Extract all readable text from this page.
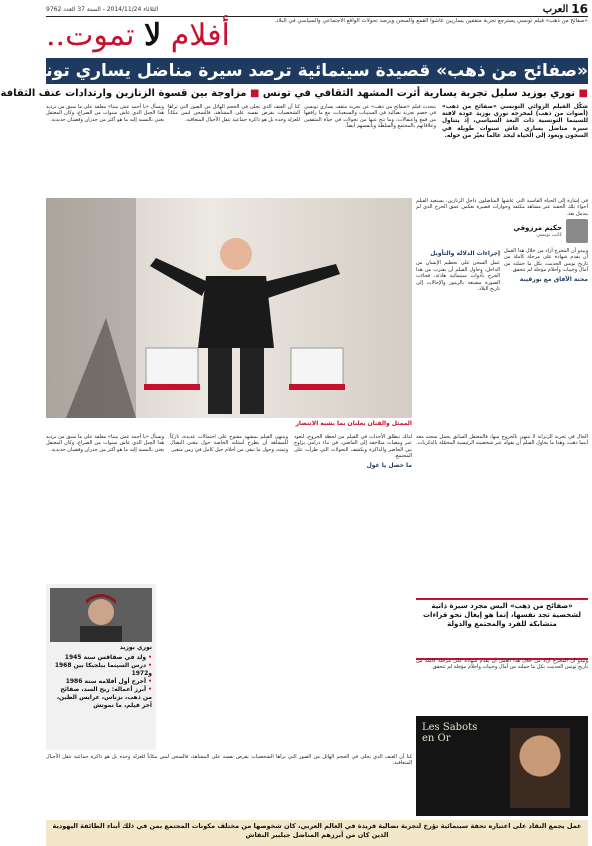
16
العرب
الثلاثاء 2014/11/24 - السنة 37 العدد 9762
«صفائح من ذهب» فيلم تونسي يسترجع تجربة مثقفين يساريين عاشوا القمع والسجن ويرصد تحولات الواقع الاجتماعي والسياسي في البلاد.
أفلام لا تموت..
«صفائح من ذهب» قصيدة سينمائية ترصد سيرة مناضل يساري تونسي
■ نوري بوزيد سليل تجربة يسارية أثرت المشهد الثقافي في تونس ■ مزاوجة بين قسوة الزنازين وارتدادات عنف الثقافة
شكّل الفيلم الروائي التونسي «صفائح من ذهب» (أصوات من ذهب) لمخرجه نوري بوزيد عودة لافتة للسينما التونسية ذات البعد السياسي، إذ يتناول سيرة مناضل يساري عاش سنوات طويلة في السجون ويعود إلى الحياة ليجد عالماً تغيّر من حوله.
يتحدث فيلم «صفائح من ذهب» عن تجربة مثقف يساري تونسي في خضم تجربة نضالية في الستينات والسبعينات، مع ما رافقها من قمع واعتقالات، وما نتج عنها من تحولات في حياة المثقفين وعلاقاتهم بالمجتمع والسلطة وبأنفسهم أيضاً.
كنا أن العنف الذي تجلى في الحجم الهائل من الصور التي تراها الشخصيات يفرض نفسه على المشاهد، فالسجن ليس مكاناً للعزلة وحده بل هو ذاكرة جماعية تثقل الأجيال المتعاقبة.
ويسأل «يا أحمد عش بيننا» معلقة على ما سبق من ترديد هذا الجيل الذي عاش سنوات من الصراع، وكان المعتقل يعني بالنسبة إليه ما هو أكثر من جدران وقضبان حديدية.
الممثل والفنان يعلنان بما يشبه الانتصار
في إشارة إلى الحياة القاسية التي عاشها المناضلون داخل الزنازين، يستعيد الفيلم أجواء تلك الحقبة عبر مشاهد مكثفة وحوارات قصيرة تعكس عمق الجرح الذي لم يندمل بعد.
حكيم مرزوقي
كاتب تونسي
إجراءات الدلالة والتأويل
عمل السجن على تحطيم الإنسان من الداخل، وحاول الفيلم أن يقترب من هذا الجرح بأدوات سينمائية هادئة، فجاءت الصورة مشبعة بالرموز والإحالات إلى تاريخ البلاد.
ويبدو أن المخرج أراد من خلال هذا العمل أن يقدم شهادة على مرحلة كاملة من تاريخ تونس الحديث، بكل ما حملته من آمال وخيبات وأحلام مؤجلة لم تتحقق.
محنة الآفاق مع بورقيبة
الحال في تجربة الزنزانة لا تنتهي بالخروج منها، فالمعتقل السابق يحمل سجنه معه أينما ذهب، وهذا ما يحاول الفيلم أن يقوله عبر شخصيته الرئيسية المحمّلة بالذكريات.
لذلك تنطلق الأحداث في الفيلم من لحظة الخروج، لتعود عبر ومضات متلاحقة إلى الماضي، في بناء درامي يزاوج بين الحاضر والذاكرة ويكشف التحولات التي طرأت على المجتمع.
ما حصل يا غول
وينتهي الفيلم بمشهد مفتوح على احتمالات عديدة، تاركاً للمشاهد أن يطرح أسئلته الخاصة حول معنى النضال وثمنه، وحول ما تبقى من أحلام جيل كامل في زمن متغير.
ويسأل «يا أحمد عش بيننا» معلقة على ما سبق من ترديد هذا الجيل الذي عاش سنوات من الصراع، وكان المعتقل يعني بالنسبة إليه ما هو أكثر من جدران وقضبان حديدية.
«صفائح من ذهب» اليس مجرد سيرة ذاتية لشخصية تجد نفسها، إنما هو إيغال نحو قراءات متشابكة للفرد والمجتمع والدولة
ويبدو أن المخرج أراد من خلال هذا العمل أن يقدم شهادة على مرحلة كاملة من تاريخ تونس الحديث، بكل ما حملته من آمال وخيبات وأحلام مؤجلة لم تتحقق.
نوري بوزيد
• ولد في صفاقس سنة 1945
• درس السينما ببلجيكا بين 1968 و1972
• أخرج أول أفلامه سنة 1986
• أبرز أعماله: ريح السد، صفائح من ذهب، بزناس، عرايس الطين، آخر فيلم، ما نموتش
كنا أن العنف الذي تجلى في الحجم الهائل من الصور التي تراها الشخصيات يفرض نفسه على المشاهد، فالسجن ليس مكاناً للعزلة وحده بل هو ذاكرة جماعية تثقل الأجيال المتعاقبة.
Les Sabots en Or
عمل يجمع النقاد على اعتباره تحفة سينمائية تؤرخ لتجربة نضالية فريدة في العالم العربي، كان شخوصها من مختلف مكونات المجتمع بمن في ذلك أبناء الطائفة اليهودية الذين كان من أبرزهم المناضل جيلبير النقاش
